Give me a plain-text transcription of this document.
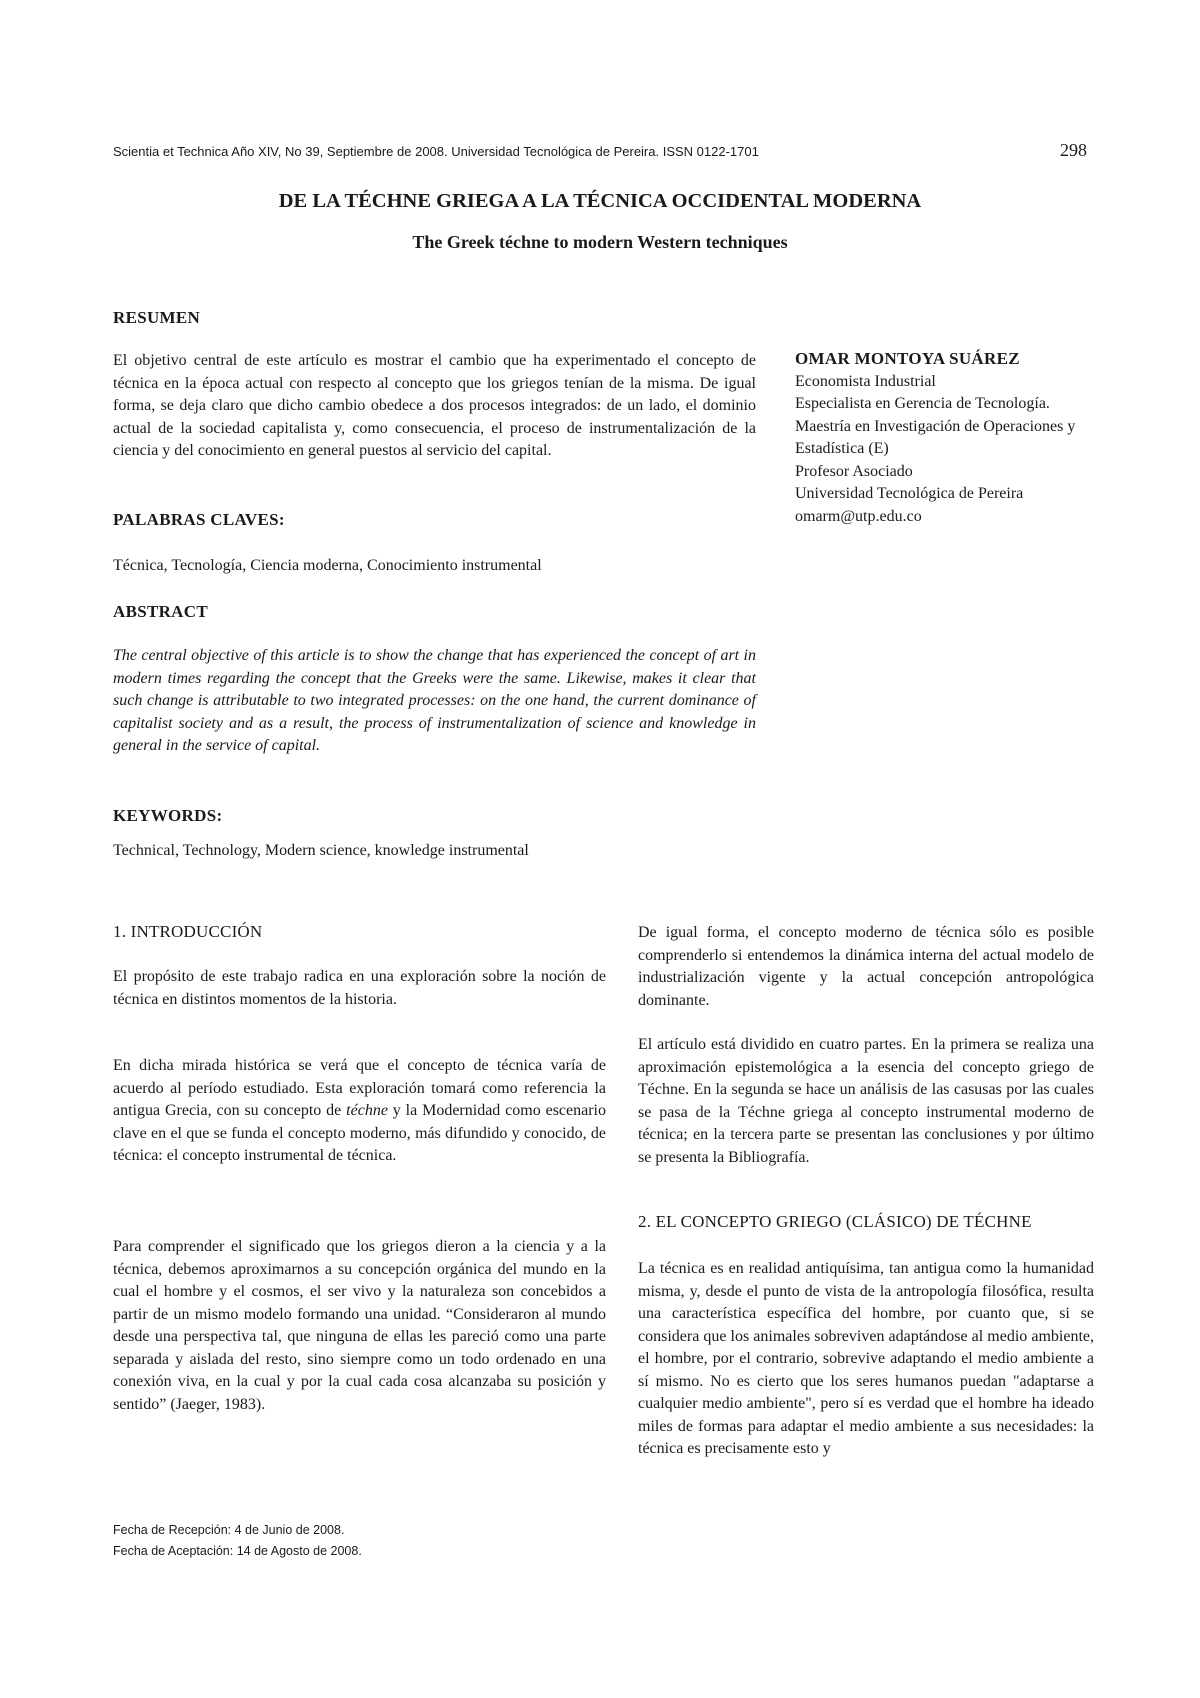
Scientia et Technica Año XIV, No 39, Septiembre de 2008. Universidad Tecnológica de Pereira. ISSN 0122-1701	298
DE LA TÉCHNE GRIEGA A LA TÉCNICA OCCIDENTAL MODERNA
The Greek téchne to modern Western techniques
RESUMEN

El objetivo central de este artículo es mostrar el cambio que ha experimentado el concepto de técnica en la época actual con respecto al concepto que los griegos tenían de la misma. De igual forma, se deja claro que dicho cambio obedece a dos procesos integrados: de un lado, el dominio actual de la sociedad capitalista y, como consecuencia, el proceso de instrumentalización de la ciencia y del conocimiento en general puestos al servicio del capital.

PALABRAS CLAVES:

Técnica, Tecnología, Ciencia moderna, Conocimiento instrumental

ABSTRACT

The central objective of this article is to show the change that has experienced the concept of art in modern times regarding the concept that the Greeks were the same. Likewise, makes it clear that such change is attributable to two integrated processes: on the one hand, the current dominance of capitalist society and as a result, the process of instrumentalization of science and knowledge in general in the service of capital.

KEYWORDS:

Technical, Technology, Modern science, knowledge instrumental

OMAR MONTOYA SUÁREZ
Economista Industrial
Especialista en Gerencia de Tecnología.
Maestría en Investigación de Operaciones y Estadística (E)
Profesor Asociado
Universidad Tecnológica de Pereira
omarm@utp.edu.co
1. INTRODUCCIÓN

El propósito de este trabajo radica en una exploración sobre la noción de técnica en distintos momentos de la historia.

En dicha mirada histórica se verá que el concepto de técnica varía de acuerdo al período estudiado. Esta exploración tomará como referencia la antigua Grecia, con su concepto de téchne y la Modernidad como escenario clave en el que se funda el concepto moderno, más difundido y conocido, de técnica: el concepto instrumental de técnica.

Para comprender el significado que los griegos dieron a la ciencia y a la técnica, debemos aproximarnos a su concepción orgánica del mundo en la cual el hombre y el cosmos, el ser vivo y la naturaleza son concebidos a partir de un mismo modelo formando una unidad. “Consideraron al mundo desde una perspectiva tal, que ninguna de ellas les pareció como una parte separada y aislada del resto, sino siempre como un todo ordenado en una conexión viva, en la cual y por la cual cada cosa alcanzaba su posición y sentido” (Jaeger, 1983).

De igual forma, el concepto moderno de técnica sólo es posible comprenderlo si entendemos la dinámica interna del actual modelo de industrialización vigente y la actual concepción antropológica dominante.

El artículo está dividido en cuatro partes. En la primera se realiza una aproximación epistemológica a la esencia del concepto griego de Téchne. En la segunda se hace un análisis de las casusas por las cuales se pasa de la Téchne griega al concepto instrumental moderno de técnica; en la tercera parte se presentan las conclusiones y por último se presenta la Bibliografía.

2. EL CONCEPTO GRIEGO (CLÁSICO) DE TÉCHNE

La técnica es en realidad antiquísima, tan antigua como la humanidad misma, y, desde el punto de vista de la antropología filosófica, resulta una característica específica del hombre, por cuanto que, si se considera que los animales sobreviven adaptándose al medio ambiente, el hombre, por el contrario, sobrevive adaptando el medio ambiente a sí mismo. No es cierto que los seres humanos puedan "adaptarse a cualquier medio ambiente", pero sí es verdad que el hombre ha ideado miles de formas para adaptar el medio ambiente a sus necesidades: la técnica es precisamente esto y

Fecha de Recepción: 4 de Junio de 2008.
Fecha de Aceptación: 14 de Agosto de 2008.
